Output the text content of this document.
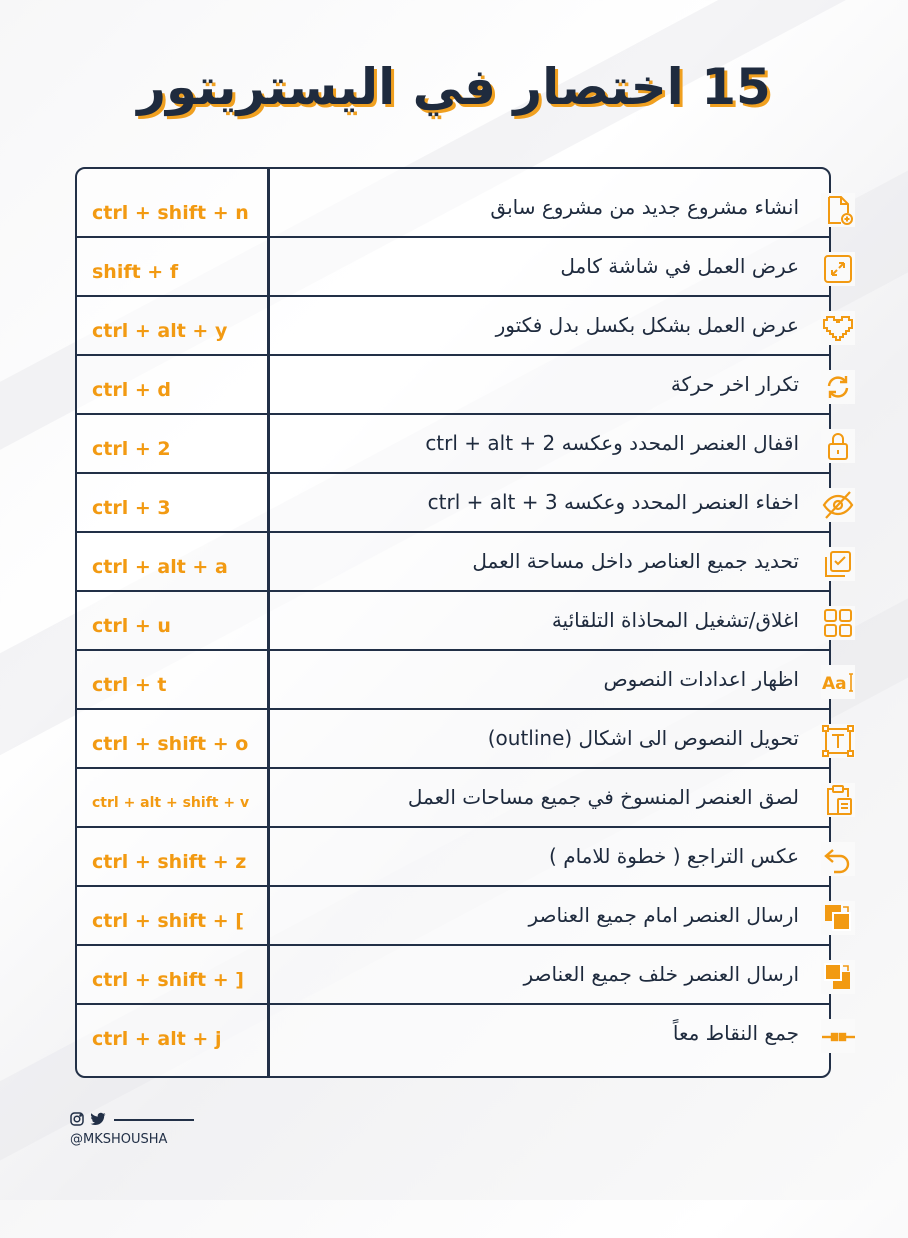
15 اختصار في اليستريتور
ctrl + shift + n	انشاء مشروع جديد من مشروع سابق
shift + f	عرض العمل في شاشة كامل
ctrl + alt + y	عرض العمل بشكل بكسل بدل فكتور
ctrl + d	تكرار اخر حركة
ctrl + 2	اقفال العنصر المحدد وعكسه ctrl + alt + 2
ctrl + 3	اخفاء العنصر المحدد وعكسه ctrl + alt + 3
ctrl + alt + a	تحديد جميع العناصر داخل مساحة العمل
ctrl + u	اغلاق/تشغيل المحاذاة التلقائية
ctrl + t	اظهار اعدادات النصوص Aa
ctrl + shift + o	تحويل النصوص الى اشكال (outline)
ctrl + alt + shift + v	لصق العنصر المنسوخ في جميع مساحات العمل
ctrl + shift + z	عكس التراجع ( خطوة للامام )
ctrl + shift + [	ارسال العنصر امام جميع العناصر
ctrl + shift + ]	ارسال العنصر خلف جميع العناصر
ctrl + alt + j	جمع النقاط معاً
@MKSHOUSHA
